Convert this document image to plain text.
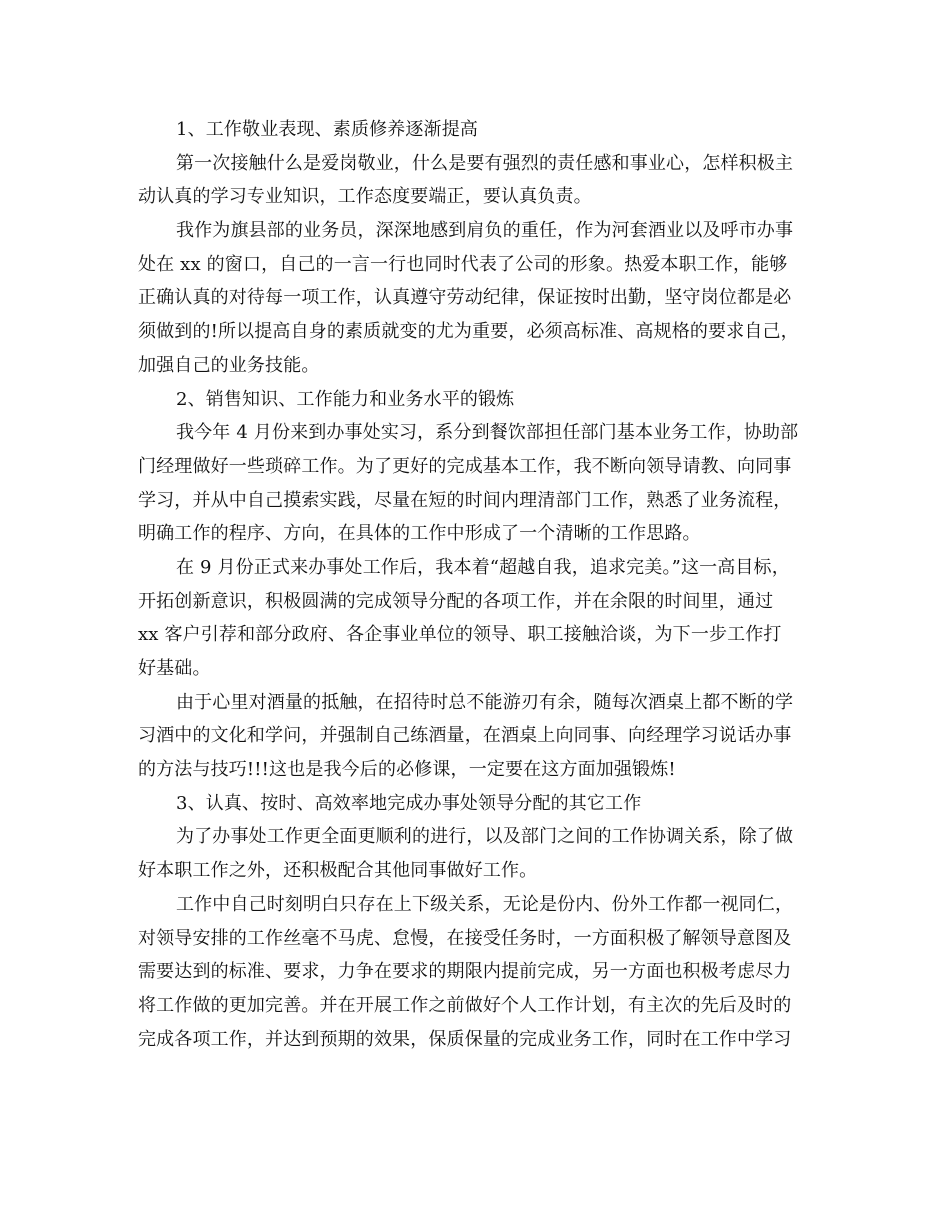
1、工作敬业表现、素质修养逐渐提高
第一次接触什么是爱岗敬业，什么是要有强烈的责任感和事业心，怎样积极主
动认真的学习专业知识，工作态度要端正，要认真负责。
我作为旗县部的业务员，深深地感到肩负的重任，作为河套酒业以及呼市办事
处在 xx 的窗口，自己的一言一行也同时代表了公司的形象。热爱本职工作，能够
正确认真的对待每一项工作，认真遵守劳动纪律，保证按时出勤，坚守岗位都是必
须做到的!所以提高自身的素质就变的尤为重要，必须高标准、高规格的要求自己，
加强自己的业务技能。
2、销售知识、工作能力和业务水平的锻炼
我今年 4 月份来到办事处实习，系分到餐饮部担任部门基本业务工作，协助部
门经理做好一些琐碎工作。为了更好的完成基本工作，我不断向领导请教、向同事
学习，并从中自己摸索实践，尽量在短的时间内理清部门工作，熟悉了业务流程，
明确工作的程序、方向，在具体的工作中形成了一个清晰的工作思路。
在 9 月份正式来办事处工作后，我本着“超越自我，追求完美。”这一高目标，
开拓创新意识，积极圆满的完成领导分配的各项工作，并在余限的时间里，通过
xx 客户引荐和部分政府、各企事业单位的领导、职工接触洽谈，为下一步工作打
好基础。
由于心里对酒量的抵触，在招待时总不能游刃有余，随每次酒桌上都不断的学
习酒中的文化和学问，并强制自己练酒量，在酒桌上向同事、向经理学习说话办事
的方法与技巧!!!这也是我今后的必修课，一定要在这方面加强锻炼!
3、认真、按时、高效率地完成办事处领导分配的其它工作
为了办事处工作更全面更顺利的进行，以及部门之间的工作协调关系，除了做
好本职工作之外，还积极配合其他同事做好工作。
工作中自己时刻明白只存在上下级关系，无论是份内、份外工作都一视同仁，
对领导安排的工作丝毫不马虎、怠慢，在接受任务时，一方面积极了解领导意图及
需要达到的标准、要求，力争在要求的期限内提前完成，另一方面也积极考虑尽力
将工作做的更加完善。并在开展工作之前做好个人工作计划，有主次的先后及时的
完成各项工作，并达到预期的效果，保质保量的完成业务工作，同时在工作中学习
